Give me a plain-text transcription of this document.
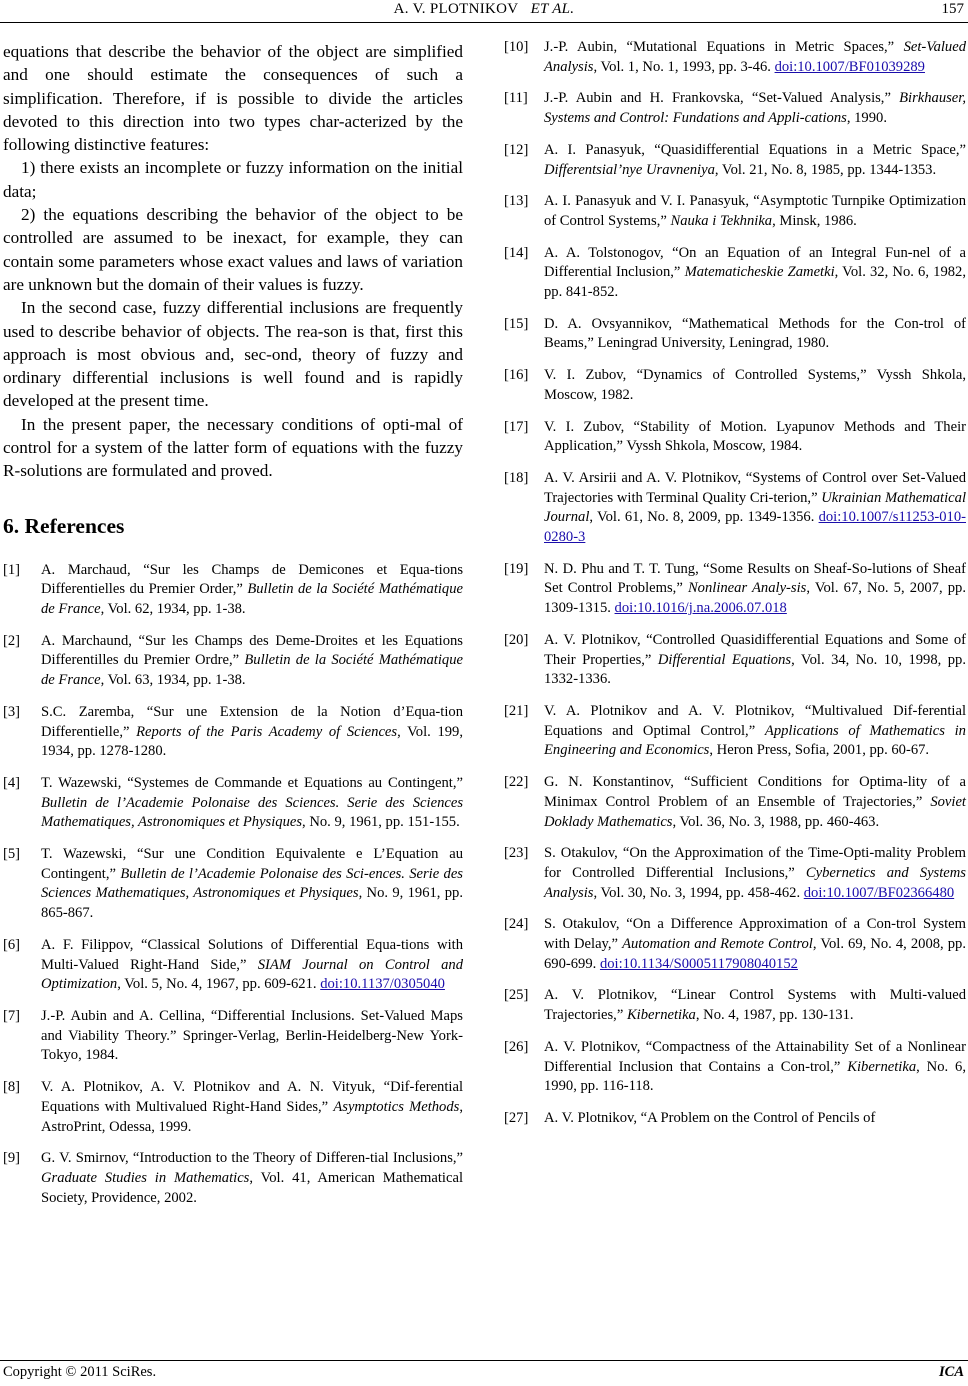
A. V. PLOTNIKOV ET AL.	157

equations that describe the behavior of the object are simplified and one should estimate the consequences of such a simplification. Therefore, if is possible to divide the articles devoted to this direction into two types char-acterized by the following distinctive features:

1) there exists an incomplete or fuzzy information on the initial data;

2) the equations describing the behavior of the object to be controlled are assumed to be inexact, for example, they can contain some parameters whose exact values and laws of variation are unknown but the domain of their values is fuzzy.

In the second case, fuzzy differential inclusions are frequently used to describe behavior of objects. The rea-son is that, first this approach is most obvious and, sec-ond, theory of fuzzy and ordinary differential inclusions is well found and is rapidly developed at the present time.

In the present paper, the necessary conditions of opti-mal of control for a system of the latter form of equations with the fuzzy R-solutions are formulated and proved.

6. References
[1] A. Marchaud, “Sur les Champs de Demicones et Equa-tions Differentielles du Premier Order,” Bulletin de la Société Mathématique de France, Vol. 62, 1934, pp. 1-38.
[2] A. Marchaund, “Sur les Champs des Deme-Droites et les Equations Differentilles du Premier Ordre,” Bulletin de la Société Mathématique de France, Vol. 63, 1934, pp. 1-38.
[3] S.C. Zaremba, “Sur une Extension de la Notion d’Equa-tion Differentielle,” Reports of the Paris Academy of Sciences, Vol. 199, 1934, pp. 1278-1280.
[4] T. Wazewski, “Systemes de Commande et Equations au Contingent,” Bulletin de l’Academie Polonaise des Sciences. Serie des Sciences Mathematiques, Astronomiques et Physiques, No. 9, 1961, pp. 151-155.
[5] T. Wazewski, “Sur une Condition Equivalente e L’Equation au Contingent,” Bulletin de l’Academie Polonaise des Sci-ences. Serie des Sciences Mathematiques, Astronomiques et Physiques, No. 9, 1961, pp. 865-867.
[6] A. F. Filippov, “Classical Solutions of Differential Equa-tions with Multi-Valued Right-Hand Side,” SIAM Journal on Control and Optimization, Vol. 5, No. 4, 1967, pp. 609-621. doi:10.1137/0305040
[7] J.-P. Aubin and A. Cellina, “Differential Inclusions. Set-Valued Maps and Viability Theory.” Springer-Verlag, Berlin-Heidelberg-New York-Tokyo, 1984.
[8] V. A. Plotnikov, A. V. Plotnikov and A. N. Vityuk, “Dif-ferential Equations with Multivalued Right-Hand Sides,” Asymptotics Methods, AstroPrint, Odessa, 1999.
[9] G. V. Smirnov, “Introduction to the Theory of Differen-tial Inclusions,” Graduate Studies in Mathematics, Vol. 41, American Mathematical Society, Providence, 2002.
[10] J.-P. Aubin, “Mutational Equations in Metric Spaces,” Set-Valued Analysis, Vol. 1, No. 1, 1993, pp. 3-46. doi:10.1007/BF01039289
[11] J.-P. Aubin and H. Frankovska, “Set-Valued Analysis,” Birkhauser, Systems and Control: Fundations and Appli-cations, 1990.
[12] A. I. Panasyuk, “Quasidifferential Equations in a Metric Space,” Differentsial’nye Uravneniya, Vol. 21, No. 8, 1985, pp. 1344-1353.
[13] A. I. Panasyuk and V. I. Panasyuk, “Asymptotic Turnpike Optimization of Control Systems,” Nauka i Tekhnika, Minsk, 1986.
[14] A. A. Tolstonogov, “On an Equation of an Integral Fun-nel of a Differential Inclusion,” Matematicheskie Zametki, Vol. 32, No. 6, 1982, pp. 841-852.
[15] D. A. Ovsyannikov, “Mathematical Methods for the Con-trol of Beams,” Leningrad University, Leningrad, 1980.
[16] V. I. Zubov, “Dynamics of Controlled Systems,” Vyssh Shkola, Moscow, 1982.
[17] V. I. Zubov, “Stability of Motion. Lyapunov Methods and Their Application,” Vyssh Shkola, Moscow, 1984.
[18] A. V. Arsirii and A. V. Plotnikov, “Systems of Control over Set-Valued Trajectories with Terminal Quality Cri-terion,” Ukrainian Mathematical Journal, Vol. 61, No. 8, 2009, pp. 1349-1356. doi:10.1007/s11253-010-0280-3
[19] N. D. Phu and T. T. Tung, “Some Results on Sheaf-So-lutions of Sheaf Set Control Problems,” Nonlinear Analy-sis, Vol. 67, No. 5, 2007, pp. 1309-1315. doi:10.1016/j.na.2006.07.018
[20] A. V. Plotnikov, “Controlled Quasidifferential Equations and Some of Their Properties,” Differential Equations, Vol. 34, No. 10, 1998, pp. 1332-1336.
[21] V. A. Plotnikov and A. V. Plotnikov, “Multivalued Dif-ferential Equations and Optimal Control,” Applications of Mathematics in Engineering and Economics, Heron Press, Sofia, 2001, pp. 60-67.
[22] G. N. Konstantinov, “Sufficient Conditions for Optima-lity of a Minimax Control Problem of an Ensemble of Trajectories,” Soviet Doklady Mathematics, Vol. 36, No. 3, 1988, pp. 460-463.
[23] S. Otakulov, “On the Approximation of the Time-Opti-mality Problem for Controlled Differential Inclusions,” Cybernetics and Systems Analysis, Vol. 30, No. 3, 1994, pp. 458-462. doi:10.1007/BF02366480
[24] S. Otakulov, “On a Difference Approximation of a Con-trol System with Delay,” Automation and Remote Control, Vol. 69, No. 4, 2008, pp. 690-699. doi:10.1134/S0005117908040152
[25] A. V. Plotnikov, “Linear Control Systems with Multi-valued Trajectories,” Kibernetika, No. 4, 1987, pp. 130-131.
[26] A. V. Plotnikov, “Compactness of the Attainability Set of a Nonlinear Differential Inclusion that Contains a Con-trol,” Kibernetika, No. 6, 1990, pp. 116-118.
[27] A. V. Plotnikov, “A Problem on the Control of Pencils of
Copyright © 2011 SciRes.	ICA
